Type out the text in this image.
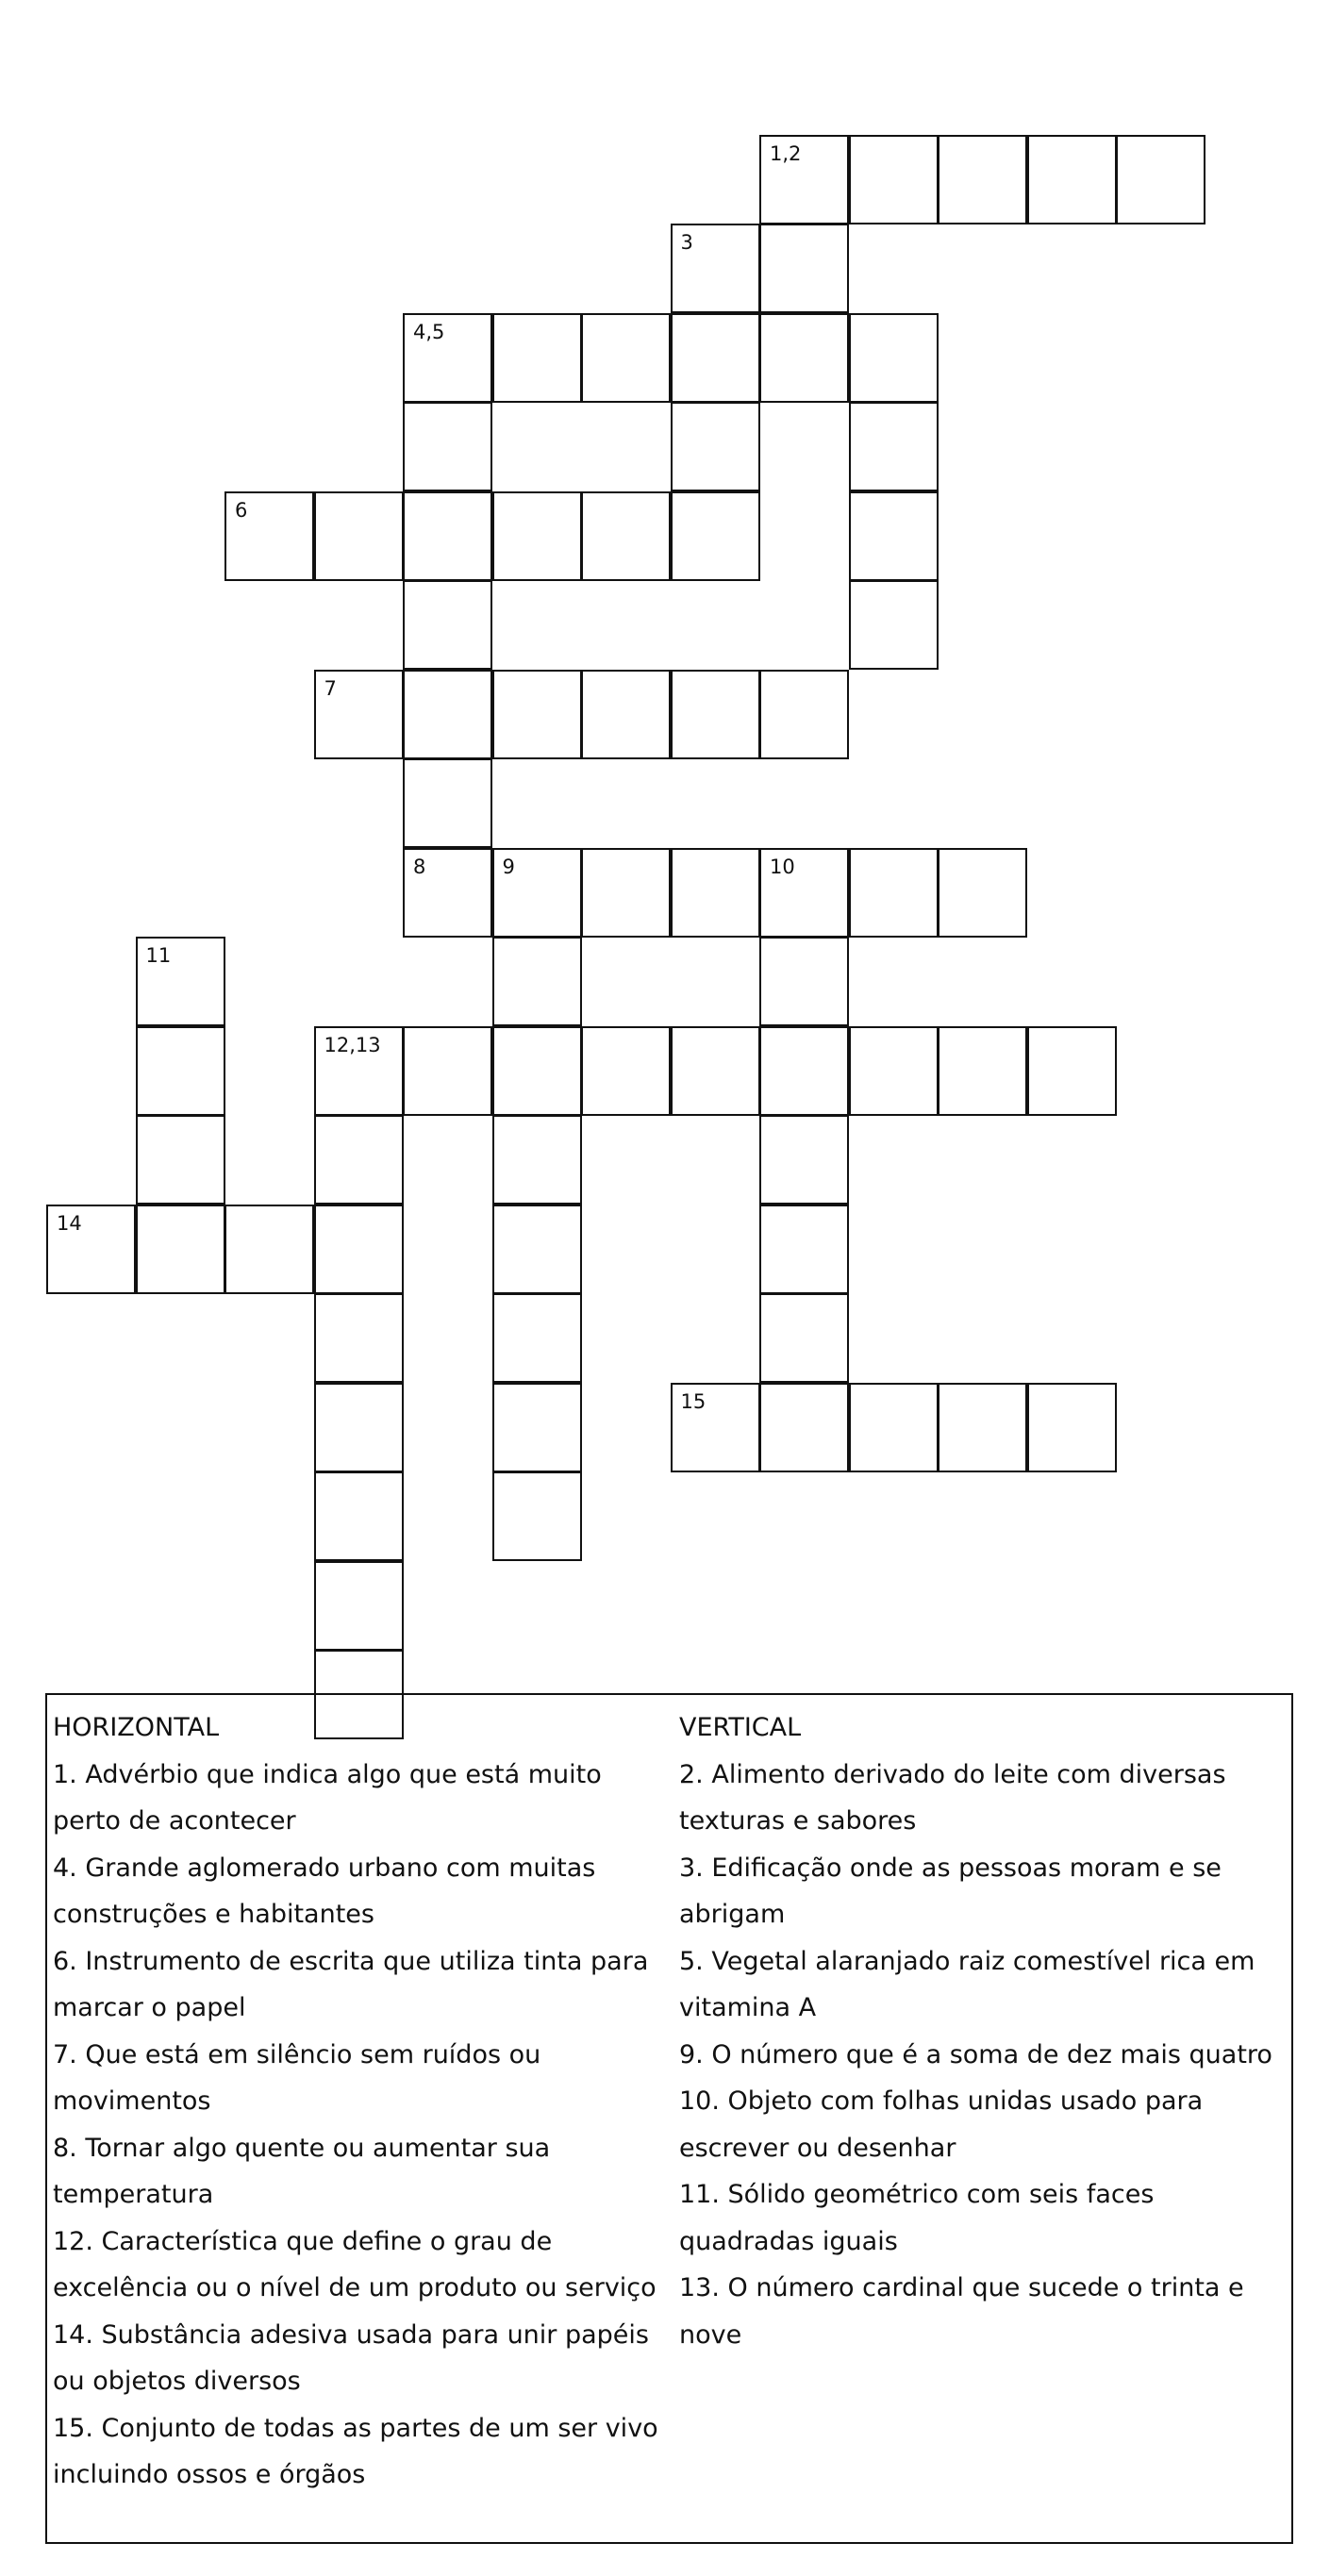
1,2
3
4,5
6
7
8	9	10
11
12,13
14
15
HORIZONTAL
1. Advérbio que indica algo que está muito perto de acontecer
4. Grande aglomerado urbano com muitas construções e habitantes
6. Instrumento de escrita que utiliza tinta para marcar o papel
7. Que está em silêncio sem ruídos ou movimentos
8. Tornar algo quente ou aumentar sua temperatura
12. Característica que define o grau de excelência ou o nível de um produto ou serviço
14. Substância adesiva usada para unir papéis ou objetos diversos
15. Conjunto de todas as partes de um ser vivo incluindo ossos e órgãos
VERTICAL
2. Alimento derivado do leite com diversas texturas e sabores
3. Edificação onde as pessoas moram e se abrigam
5. Vegetal alaranjado raiz comestível rica em vitamina A
9. O número que é a soma de dez mais quatro
10. Objeto com folhas unidas usado para escrever ou desenhar
11. Sólido geométrico com seis faces quadradas iguais
13. O número cardinal que sucede o trinta e nove
